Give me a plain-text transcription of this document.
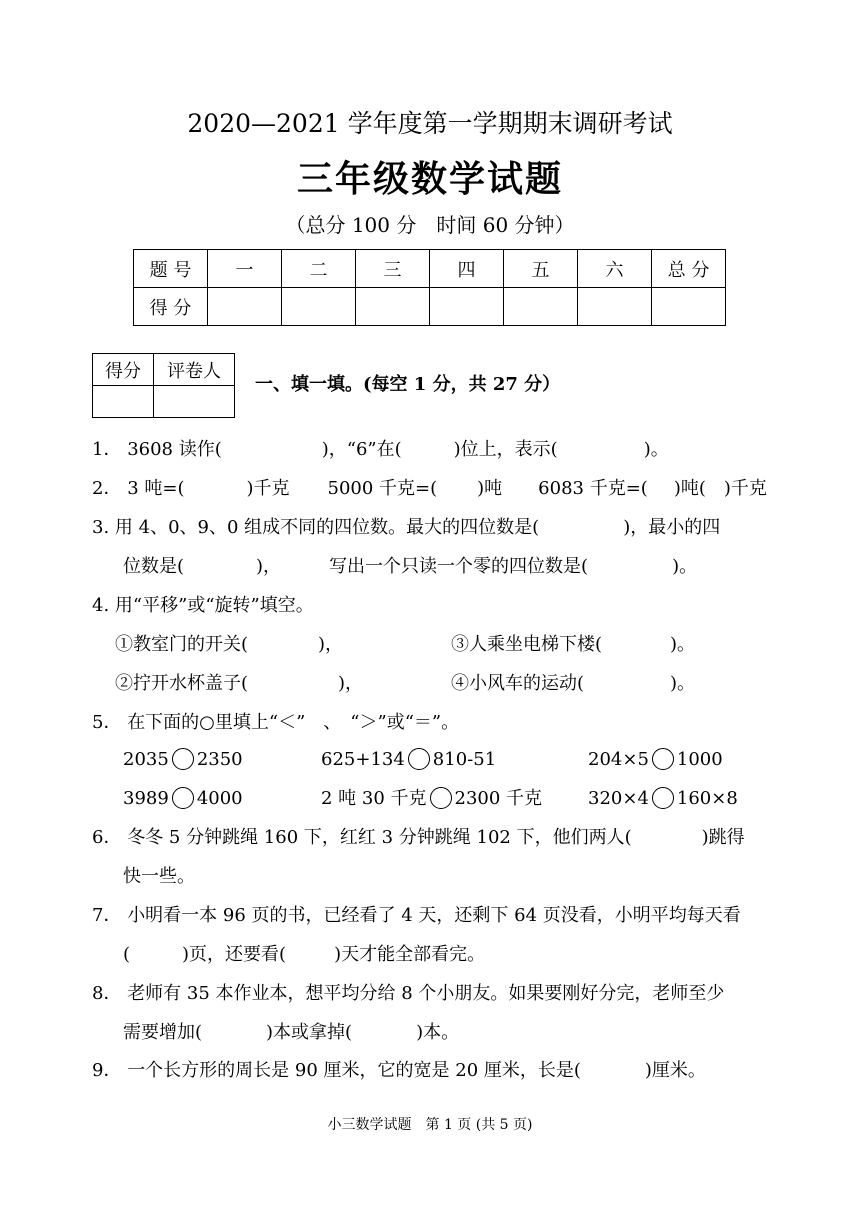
2020—2021 学年度第一学期期末调研考试
三年级数学试题
（总分 100 分　时间 60 分钟）
题 号	一	二	三	四	五	六	总 分
得 分							
得分	评卷人

一、填一填。(每空 1 分，共 27 分）
1． 3608 读作(	)，“6”在(	)位上，表示(	)。
2． 3 吨=(	)千克 5000 千克=( )吨 6083 千克=( )吨( )千克
3. 用 4、0、9、0 组成不同的四位数。最大的四位数是(	)，最小的四
位数是(	)，	写出一个只读一个零的四位数是(	)。
4. 用“平移”或“旋转”填空。
①教室门的开关(	)，	③人乘坐电梯下楼(	)。
②拧开水杯盖子(	)，	④小风车的运动(	)。
5． 在下面的○里填上“＜”　、　“＞”或“＝”。
2035 2350	625+134 810-51	204×5 1000
3989 4000	2 吨 30 千克 2300 千克	320×4 160×8
6． 冬冬 5 分钟跳绳 160 下，红红 3 分钟跳绳 102 下，他们两人(	)跳得
快一些。
7． 小明看一本 96 页的书，已经看了 4 天，还剩下 64 页没看，小明平均每天看
(	)页，还要看(	)天才能全部看完。
8． 老师有 35 本作业本，想平均分给 8 个小朋友。如果要刚好分完，老师至少
需要增加(	)本或拿掉(	)本。
9． 一个长方形的周长是 90 厘米，它的宽是 20 厘米，长是(	)厘米。
小三数学试题　第 1 页 (共 5 页)
